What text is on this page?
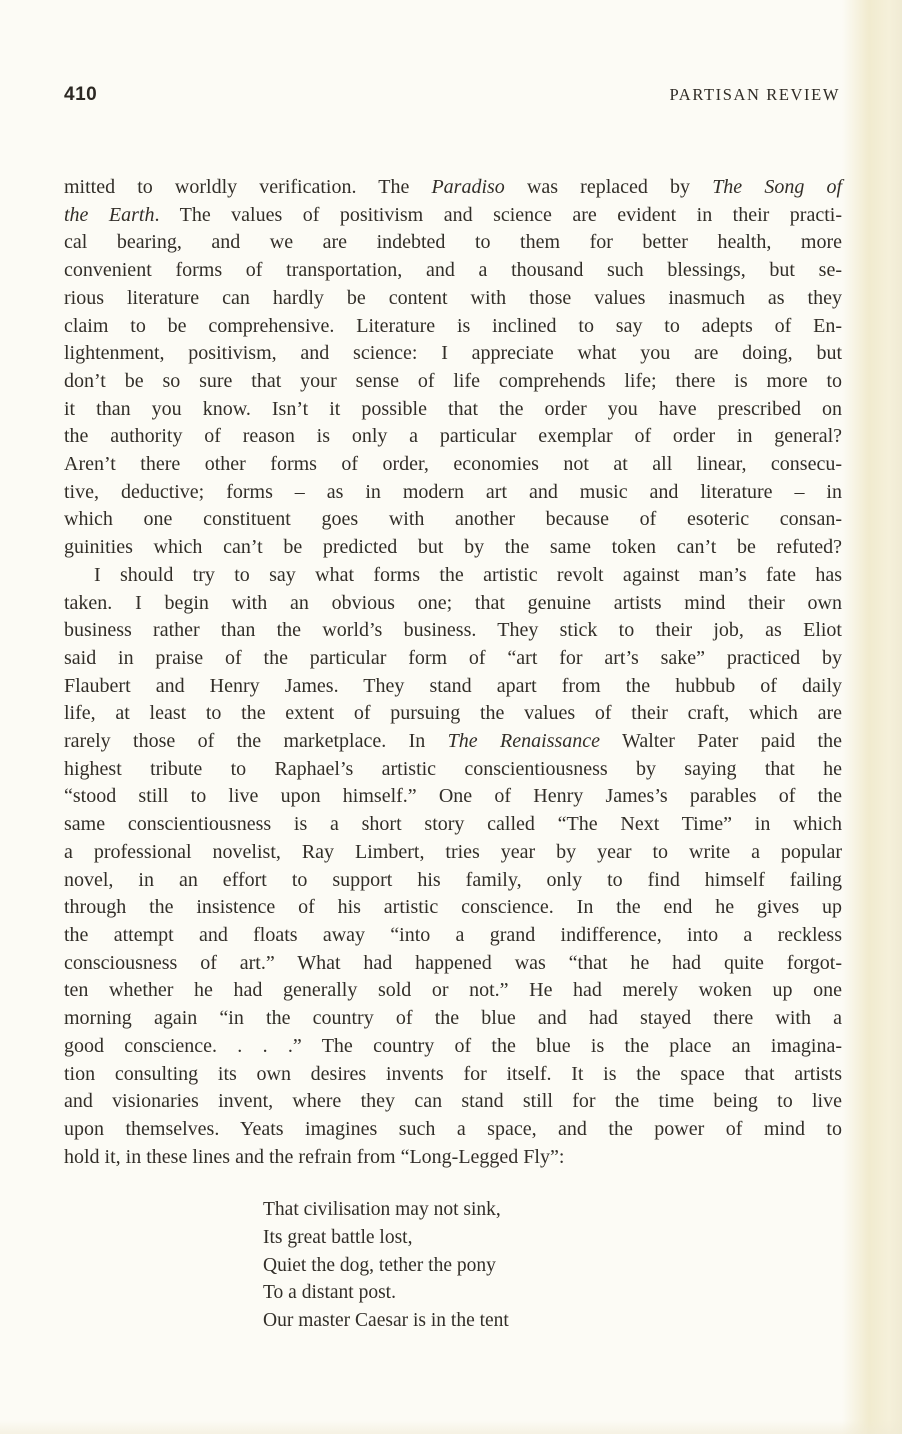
410	PARTISAN REVIEW
mitted to worldly verification. The Paradiso was replaced by The Song of
the Earth. The values of positivism and science are evident in their practi-
cal bearing, and we are indebted to them for better health, more
convenient forms of transportation, and a thousand such blessings, but se-
rious literature can hardly be content with those values inasmuch as they
claim to be comprehensive. Literature is inclined to say to adepts of En-
lightenment, positivism, and science: I appreciate what you are doing, but
don’t be so sure that your sense of life comprehends life; there is more to
it than you know. Isn’t it possible that the order you have prescribed on
the authority of reason is only a particular exemplar of order in general?
Aren’t there other forms of order, economies not at all linear, consecu-
tive, deductive; forms – as in modern art and music and literature – in
which one constituent goes with another because of esoteric consan-
guinities which can’t be predicted but by the same token can’t be refuted?
I should try to say what forms the artistic revolt against man’s fate has
taken. I begin with an obvious one; that genuine artists mind their own
business rather than the world’s business. They stick to their job, as Eliot
said in praise of the particular form of “art for art’s sake” practiced by
Flaubert and Henry James. They stand apart from the hubbub of daily
life, at least to the extent of pursuing the values of their craft, which are
rarely those of the marketplace. In The Renaissance Walter Pater paid the
highest tribute to Raphael’s artistic conscientiousness by saying that he
“stood still to live upon himself.” One of Henry James’s parables of the
same conscientiousness is a short story called “The Next Time” in which
a professional novelist, Ray Limbert, tries year by year to write a popular
novel, in an effort to support his family, only to find himself failing
through the insistence of his artistic conscience. In the end he gives up
the attempt and floats away “into a grand indifference, into a reckless
consciousness of art.” What had happened was “that he had quite forgot-
ten whether he had generally sold or not.” He had merely woken up one
morning again “in the country of the blue and had stayed there with a
good conscience. . . .” The country of the blue is the place an imagina-
tion consulting its own desires invents for itself. It is the space that artists
and visionaries invent, where they can stand still for the time being to live
upon themselves. Yeats imagines such a space, and the power of mind to
hold it, in these lines and the refrain from “Long-Legged Fly”:
That civilisation may not sink,
Its great battle lost,
Quiet the dog, tether the pony
To a distant post.
Our master Caesar is in the tent
